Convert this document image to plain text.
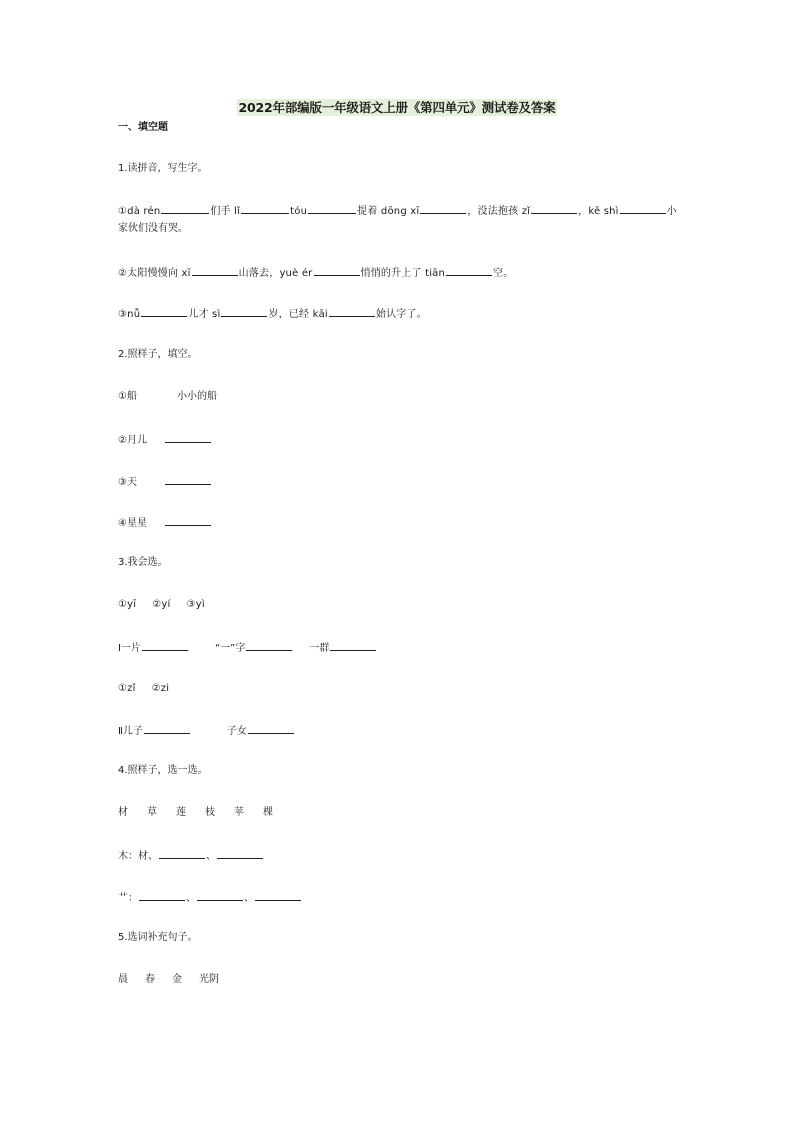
2022年部编版一年级语文上册《第四单元》测试卷及答案
一、填空题
1.读拼音，写生字。
①dà rén	们手 lǐ	tóu	提着 dōng xī	，没法抱孩 zǐ	，kě shì	小
家伙们没有哭。
②太阳慢慢向 xī	山落去，yuè ér	悄悄的升上了 tiān	空。
③nǚ	儿才 sì	岁，已经 kāi	始认字了。
2.照样子，填空。
①船	小小的船
②月儿
③天
④星星
3.我会选。
①yī ②yí ③yì
Ⅰ一片	“一”字	一群
①zǐ ②zi
Ⅱ儿子	子女
4.照样子，选一选。
材 草 莲 枝 苹 棵
木：材、	、
艹：	、	、
5.选词补充句子。
晨 春 金 光阴
